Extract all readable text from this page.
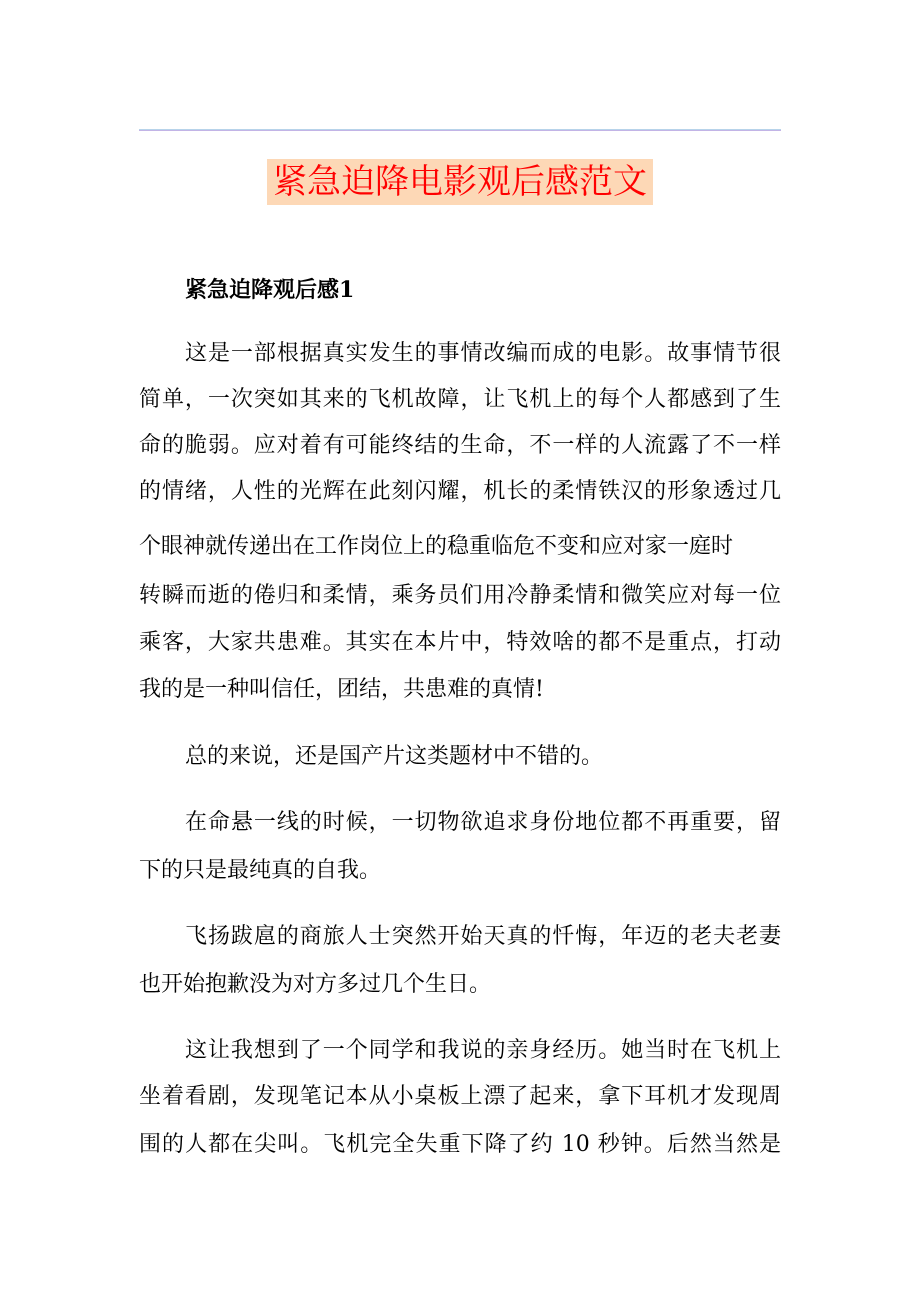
紧急迫降电影观后感范文
紧急迫降观后感1
这是一部根据真实发生的事情改编而成的电影。故事情节很
简单，一次突如其来的飞机故障，让飞机上的每个人都感到了生
命的脆弱。应对着有可能终结的生命，不一样的人流露了不一样
的情绪，人性的光辉在此刻闪耀，机长的柔情铁汉的形象透过几
个眼神就传递出在工作岗位上的稳重临危不变和应对家一庭时
转瞬而逝的倦归和柔情，乘务员们用冷静柔情和微笑应对每一位
乘客，大家共患难。其实在本片中，特效啥的都不是重点，打动
我的是一种叫信任，团结，共患难的真情!
总的来说，还是国产片这类题材中不错的。
在命悬一线的时候，一切物欲追求身份地位都不再重要，留
下的只是最纯真的自我。
飞扬跋扈的商旅人士突然开始天真的忏悔，年迈的老夫老妻
也开始抱歉没为对方多过几个生日。
这让我想到了一个同学和我说的亲身经历。她当时在飞机上
坐着看剧，发现笔记本从小桌板上漂了起来，拿下耳机才发现周
围的人都在尖叫。飞机完全失重下降了约 10 秒钟。后然当然是
